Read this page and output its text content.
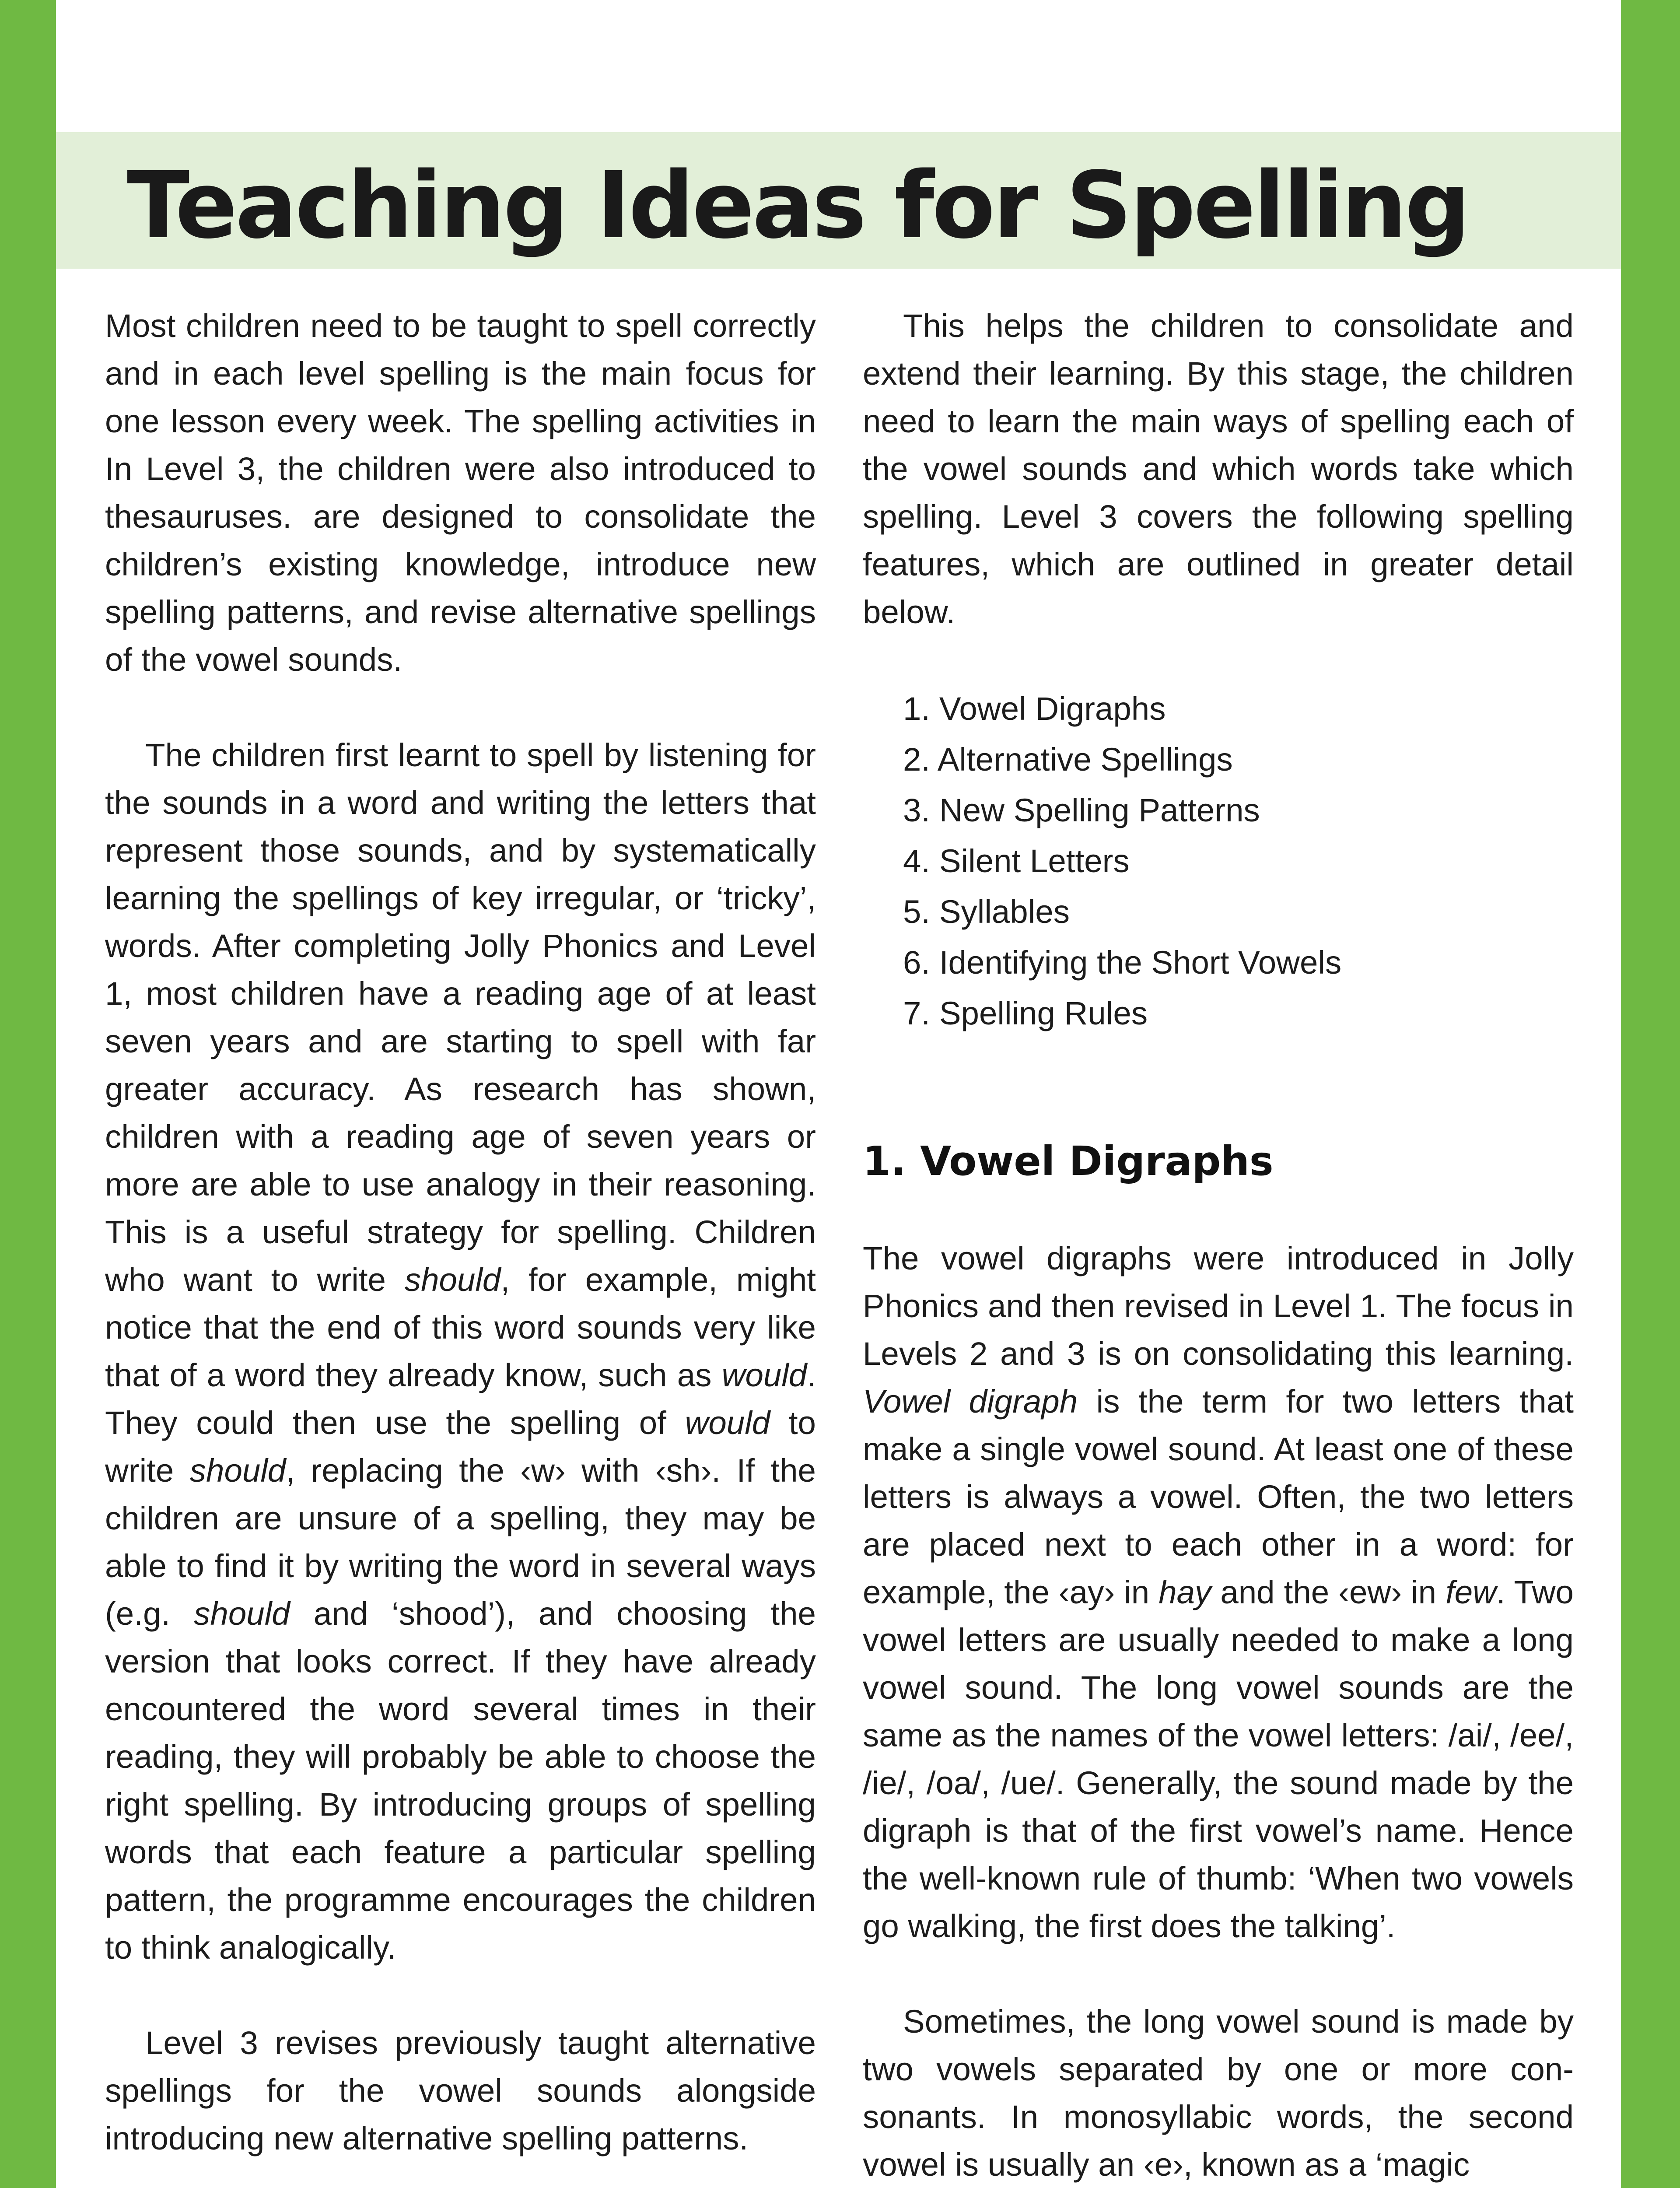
Teaching Ideas for Spelling

Most children need to be taught to spell correctly and in each level spelling is the main focus for one lesson every week. The spelling activities in In Level 3, the children were also introduced to thesauruses. are designed to consolidate the children’s existing knowledge, introduce new spelling patterns, and revise alternative spellings of the vowel sounds.

The children first learnt to spell by listening for the sounds in a word and writing the letters that represent those sounds, and by systematically learning the spellings of key irregular, or ‘tricky’, words. After completing Jolly Phonics and Level 1, most children have a reading age of at least seven years and are starting to spell with far greater accuracy. As research has shown, children with a reading age of seven years or more are able to use analogy in their reasoning. This is a useful strategy for spelling. Children who want to write should, for example, might notice that the end of this word sounds very like that of a word they already know, such as would. They could then use the spelling of would to write should, replacing the ‹w› with ‹sh›. If the children are unsure of a spelling, they may be able to find it by writing the word in several ways (e.g. should and ‘shood’), and choosing the version that looks correct. If they have already encountered the word several times in their reading, they will probably be able to choose the right spelling. By introducing groups of spelling words that each feature a particular spelling pattern, the programme encourages the children to think analogically.

Level 3 revises previously taught alternative spellings for the vowel sounds alongside introducing new alternative spelling patterns.

This helps the children to consolidate and extend their learning. By this stage, the children need to learn the main ways of spelling each of the vowel sounds and which words take which spelling. Level 3 covers the following spelling features, which are outlined in greater detail below.

1. Vowel Digraphs
2. Alternative Spellings
3. New Spelling Patterns
4. Silent Letters
5. Syllables
6. Identifying the Short Vowels
7. Spelling Rules
1. Vowel Digraphs

The vowel digraphs were introduced in Jolly Phonics and then revised in Level 1. The focus in Levels 2 and 3 is on consolidating this learning. Vowel digraph is the term for two letters that make a single vowel sound. At least one of these letters is always a vowel. Often, the two letters are placed next to each other in a word: for example, the ‹ay› in hay and the ‹ew› in few. Two vowel letters are usually needed to make a long vowel sound. The long vowel sounds are the same as the names of the vowel letters: /ai/, /ee/, /ie/, /oa/, /ue/. Generally, the sound made by the digraph is that of the first vowel’s name. Hence the well-known rule of thumb: ‘When two vowels go walking, the first does the talking’.

Sometimes, the long vowel sound is made by two vowels separated by one or more consonants. In monosyllabic words, the second vowel is usually an ‹e›, known as a ‘magic
